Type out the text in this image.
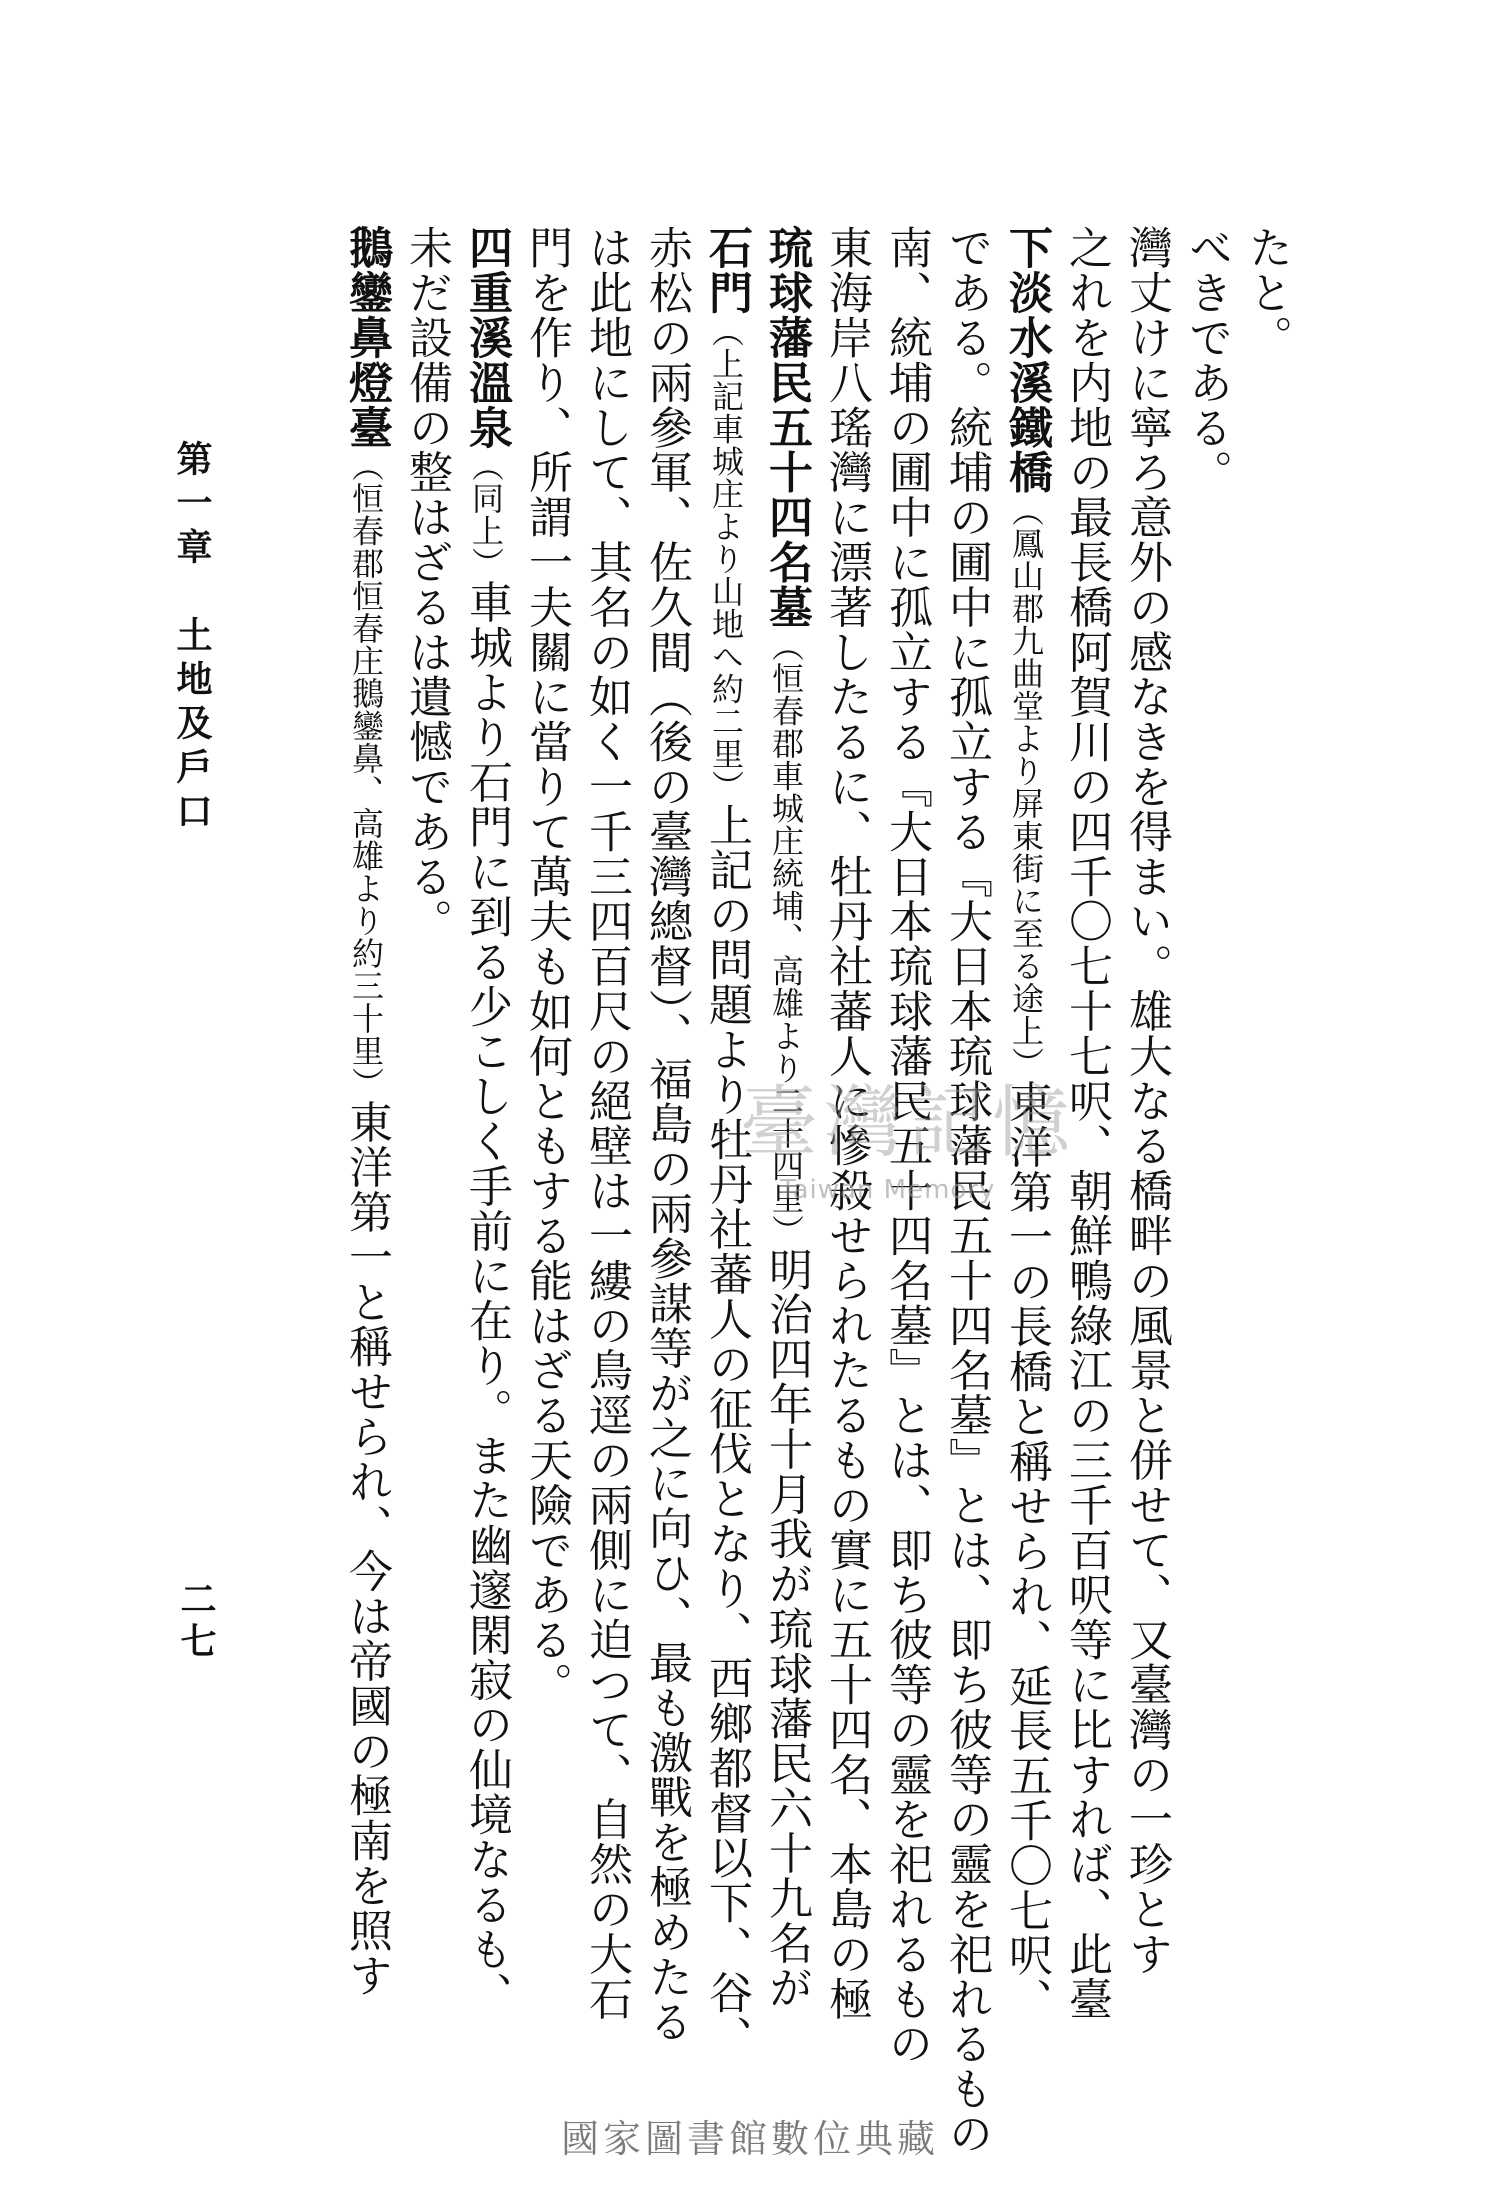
たと。
べきである。
灣丈けに寧ろ意外の感なきを得まい。雄大なる橋畔の風景と併せて、又臺灣の一珍とす
之れを内地の最長橋阿賀川の四千〇七十七呎、朝鮮鴨綠江の三千百呎等に比すれば、此臺
下淡水溪鐵橋（鳳山郡九曲堂より屏東街に至る途上）東洋第一の長橋と稱せられ、延長五千〇七呎、
である。統埔の圃中に孤立する『大日本琉球藩民五十四名墓』とは、即ち彼等の靈を祀れるもの
南、統埔の圃中に孤立する『大日本琉球藩民五十四名墓』とは、即ち彼等の靈を祀れるもの
東海岸八瑤灣に漂著したるに、牡丹社蕃人に慘殺せられたるもの實に五十四名、本島の極
琉球藩民五十四名墓（恒春郡車城庄統埔、高雄より二十四里）明治四年十月我が琉球藩民六十九名が
石門（上記車城庄より山地へ約二里）上記の問題より牡丹社蕃人の征伐となり、西鄉都督以下、谷、
赤松の兩參軍、佐久間（後の臺灣總督）、福島の兩參謀等が之に向ひ、最も激戰を極めたる
は此地にして、其名の如く一千三四百尺の絕壁は一縷の鳥逕の兩側に迫つて、自然の大石
門を作り、所謂一夫關に當りて萬夫も如何ともする能はざる天險である。
四重溪溫泉（同上）車城より石門に到る少こしく手前に在り。また幽邃閑寂の仙境なるも、
未だ設備の整はざるは遺憾である。
鵝鑾鼻燈臺（恒春郡恒春庄鵝鑾鼻、高雄より約三十里）東洋第一と稱せられ、今は帝國の極南を照す
第一章　土地及戶口
二七
臺灣記憶
Taiwan Memory
國家圖書館數位典藏
